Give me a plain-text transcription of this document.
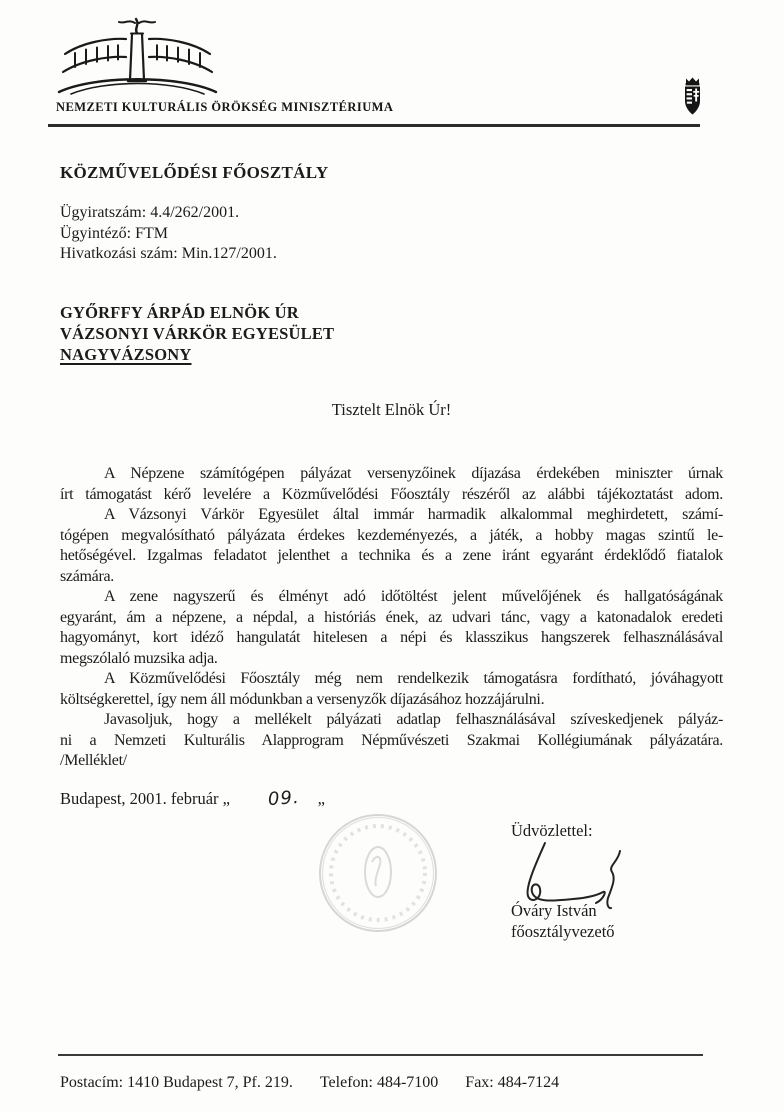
NEMZETI KULTURÁLIS ÖRÖKSÉG MINISZTÉRIUMA
KÖZMŰVELŐDÉSI FŐOSZTÁLY
Ügyiratszám: 4.4/262/2001.
Ügyintéző: FTM
Hivatkozási szám: Min.127/2001.
GYŐRFFY ÁRPÁD ELNÖK ÚR
VÁZSONYI VÁRKÖR EGYESÜLET
NAGYVÁZSONY
Tisztelt Elnök Úr!
A Népzene számítógépen pályázat versenyzőinek díjazása érdekében miniszter úrnak
írt támogatást kérő levelére a Közművelődési Főosztály részéről az alábbi tájékoztatást adom.
A Vázsonyi Várkör Egyesület által immár harmadik alkalommal meghirdetett, számí-
tógépen megvalósítható pályázata érdekes kezdeményezés, a játék, a hobby magas szintű le-
hetőségével. Izgalmas feladatot jelenthet a technika és a zene iránt egyaránt érdeklődő fiatalok
számára.
A zene nagyszerű és élményt adó időtöltést jelent művelőjének és hallgatóságának
egyaránt, ám a népzene, a népdal, a históriás ének, az udvari tánc, vagy a katonadalok eredeti
hagyományt, kort idéző hangulatát hitelesen a népi és klasszikus hangszerek felhasználásával
megszólaló muzsika adja.
A Közművelődési Főosztály még nem rendelkezik támogatásra fordítható, jóváhagyott
költségkerettel, így nem áll módunkban a versenyzők díjazásához hozzájárulni.
Javasoljuk, hogy a mellékelt pályázati adatlap felhasználásával szíveskedjenek pályáz-
ni a Nemzeti Kulturális Alapprogram Népművészeti Szakmai Kollégiumának pályázatára.
/Melléklet/
Budapest, 2001. február „ 09. „
Üdvözlettel:
Óváry István
főosztályvezető
Postacím: 1410 Budapest 7, Pf. 219. Telefon: 484-7100 Fax: 484-7124
